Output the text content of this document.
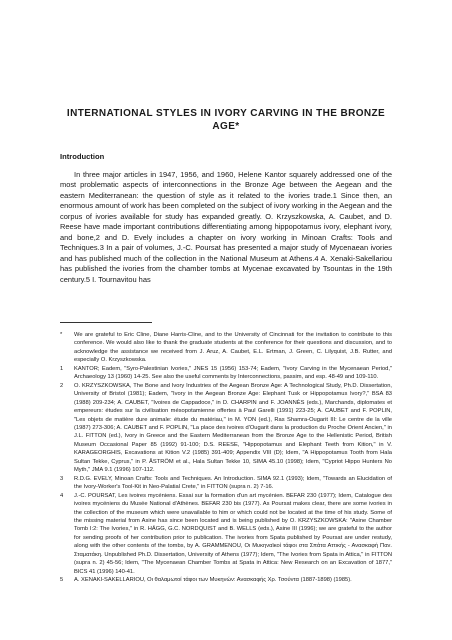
INTERNATIONAL STYLES IN IVORY CARVING IN THE BRONZE AGE*
Introduction

In three major articles in 1947, 1956, and 1960, Helene Kantor squarely addressed one of the most problematic aspects of interconnections in the Bronze Age between the Aegean and the eastern Mediterranean: the question of style as it related to the ivories trade.1 Since then, an enormous amount of work has been completed on the subject of ivory working in the Aegean and the corpus of ivories available for study has expanded greatly. O. Krzyszkowska, A. Caubet, and D. Reese have made important contributions differentiating among hippopotamus ivory, elephant ivory, and bone,2 and D. Evely includes a chapter on ivory working in Minoan Crafts: Tools and Techniques.3 In a pair of volumes, J.-C. Poursat has presented a major study of Mycenaean ivories and has published much of the collection in the National Museum at Athens.4 A. Xenaki-Sakellariou has published the ivories from the chamber tombs at Mycenae excavated by Tsountas in the 19th century.5 I. Tournavitou has

*	We are grateful to Eric Cline, Diane Harris-Cline, and to the University of Cincinnati for the invitation to contribute to this conference. We would also like to thank the graduate students at the conference for their questions and discussion, and to acknowledge the assistance we received from J. Aruz, A. Caubet, E.L. Ertman, J. Green, C. Lilyquist, J.B. Rutter, and especially O. Krzyszkowska.
1	KANTOR; Eadem, "Syro-Palestinian Ivories," JNES 15 (1956) 153-74; Eadem, "Ivory Carving in the Mycenaean Period," Archaeology 13 (1960) 14-25. See also the useful comments by Interconnections, passim, and esp. 48-49 and 109-110.
2	O. KRZYSZKOWSKA, The Bone and Ivory Industries of the Aegean Bronze Age: A Technological Study, Ph.D. Dissertation, University of Bristol (1981); Eadem, "Ivory in the Aegean Bronze Age: Elephant Tusk or Hippopotamus Ivory?," BSA 83 (1988) 209-234; A. CAUBET, "Ivoires de Cappadoce," in D. CHARPIN and F. JOANNÈS (eds.), Marchands, diplomates et empereurs: études sur la civilisation mésopotamienne offertes à Paul Garelli (1991) 223-25; A. CAUBET and F. POPLIN, "Les objets de matière dure animale: étude du matériau," in M. YON (ed.), Ras Shamra-Ougarit III: Le centre de la ville (1987) 273-306; A. CAUBET and F. POPLIN, "La place des ivoires d'Ougarit dans la production du Proche Orient Ancien," in J.L. FITTON (ed.), Ivory in Greece and the Eastern Mediterranean from the Bronze Age to the Hellenistic Period, British Museum Occasional Paper 85 (1992) 91-100; D.S. REESE, "Hippopotamus and Elephant Teeth from Kition," in V. KARAGEORGHIS, Excavations at Kition V.2 (1985) 391-409; Appendix VIII (D); Idem, "A Hippopotamus Tooth from Hala Sultan Tekke, Cyprus," in P. ÅSTRÖM et al., Hala Sultan Tekke 10, SIMA 45.10 (1998); Idem, "Cypriot Hippo Hunters No Myth," JMA 9.1 (1996) 107-112.
3	R.D.G. EVELY, Minoan Crafts: Tools and Techniques. An Introduction. SIMA 92.1 (1993); Idem, "Towards an Elucidation of the Ivory-Worker's Tool-Kit in Neo-Palatial Crete," in FITTON (supra n. 2) 7-16.
4	J.-C. POURSAT, Les ivoires mycéniens. Essai sur la formation d'un art mycénien. BEFAR 230 (1977); Idem, Catalogue des ivoires mycéniens du Musée National d'Athènes. BEFAR 230 bis (1977). As Poursat makes clear, there are some ivories in the collection of the museum which were unavailable to him or which could not be located at the time of his study. Some of the missing material from Asine has since been located and is being published by O. KRZYSZKOWSKA: "Asine Chamber Tomb I:2: The Ivories," in R. HÄGG, G.C. NORDQUIST and B. WELLS (eds.), Asine III (1996); we are grateful to the author for sending proofs of her contribution prior to publication. The ivories from Spata published by Poursat are under restudy, along with the other contents of the tombs, by A. GRAMMENOU, Οι Μυκηναϊκοί τάφοι στα Σπάτα Αττικής - Ανασκαφή Παν. Σταματάκη. Unpublished Ph.D. Dissertation, University of Athens (1977); Idem, "The Ivories from Spata in Attica," in FITTON (supra n. 2) 45-56; Idem, "The Mycenaean Chamber Tombs at Spata in Attica: New Research on an Excavation of 1877," BICS 41 (1996) 140-41.
5	A. XENAKI-SAKELLARIOU, Οι θαλαμωτοί τάφοι των Μυκηνών: Ανασκαφής Χρ. Τσούντα (1887-1898) (1985).
